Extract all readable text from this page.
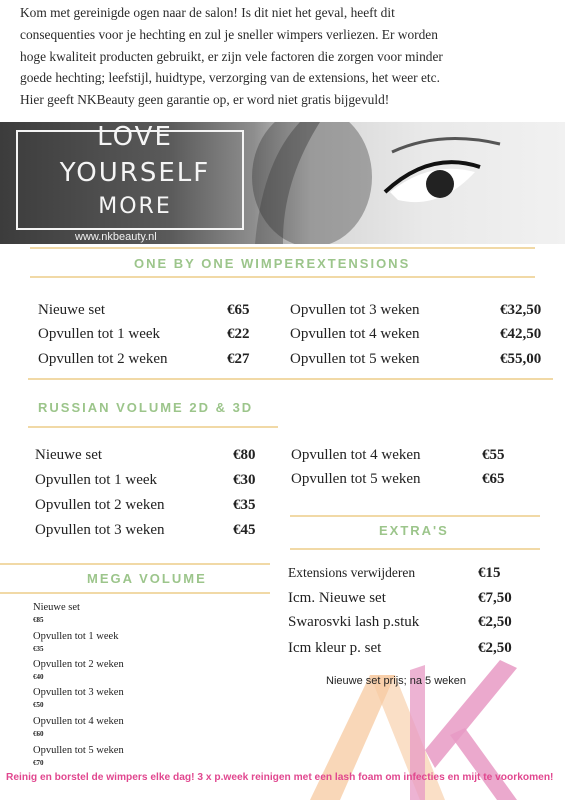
Kom met gereinigde ogen naar de salon! Is dit niet het geval, heeft dit
consequenties voor je hechting en zul je sneller wimpers verliezen. Er worden
hoge kwaliteit producten gebruikt, er zijn vele factoren die zorgen voor minder
goede hechting; leefstijl, huidtype, verzorging van de extensions, het weer etc.
Hier geeft NKBeauty geen garantie op, er word niet gratis bijgevuld!
LOVE
YOURSELF
MORE
www.nkbeauty.nl
ONE BY ONE WIMPEREXTENSIONS
Nieuwe set	€65
Opvullen tot 1 week	€22
Opvullen tot 2 weken	€27
Opvullen tot 3 weken	€32,50
Opvullen tot 4 weken	€42,50
Opvullen tot 5 weken	€55,00
RUSSIAN VOLUME 2D & 3D
Nieuwe set	€80
Opvullen tot 1 week	€30
Opvullen tot 2 weken	€35
Opvullen tot 3 weken	€45
Opvullen tot 4 weken	€55
Opvullen tot 5 weken	€65
EXTRA'S
Extensions verwijderen	€15
Icm. Nieuwe set	€7,50
Swarosvki lash p.stuk	€2,50
Icm kleur p. set	€2,50
Nieuwe set prijs; na 5 weken
MEGA VOLUME
Nieuwe set
€85
Opvullen tot 1 week
€35
Opvullen tot 2 weken
€40
Opvullen tot 3 weken
€50
Opvullen tot 4 weken
€60
Opvullen tot 5 weken
€70
Reinig en borstel de wimpers elke dag! 3 x p.week reinigen met een lash foam om infecties en mijt te voorkomen!
